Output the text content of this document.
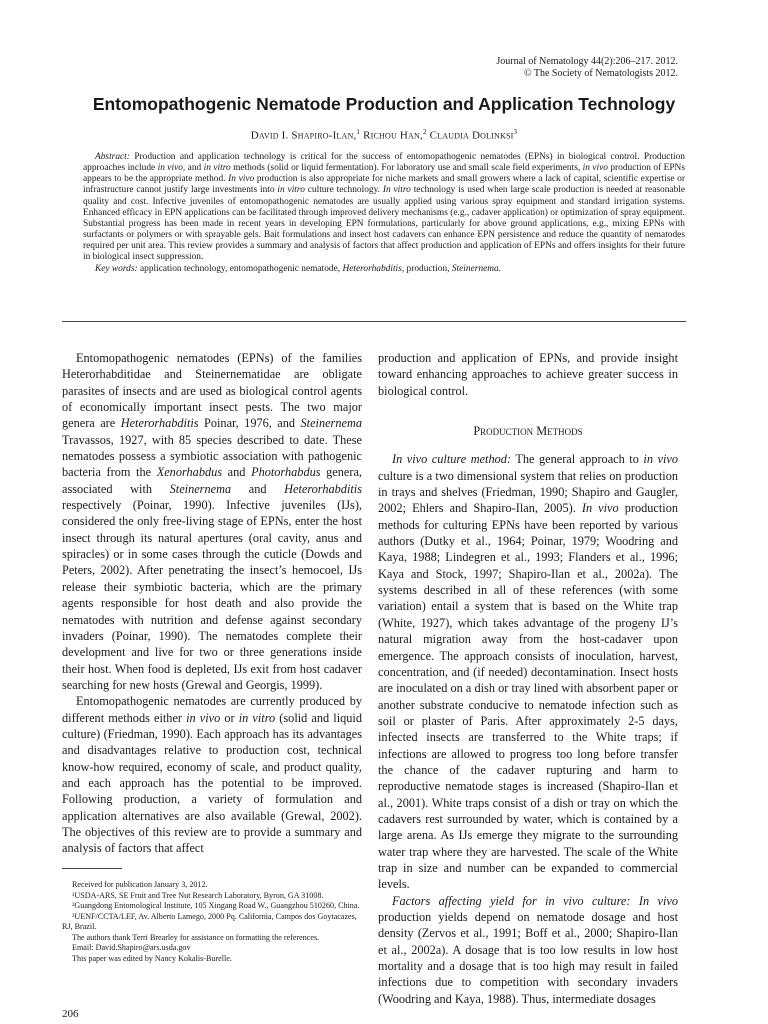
Journal of Nematology 44(2):206–217. 2012.
© The Society of Nematologists 2012.
Entomopathogenic Nematode Production and Application Technology
David I. Shapiro-Ilan,$^1$ Richou Han,$^2$ Claudia Dolinksi$^3$

Abstract: Production and application technology is critical for the success of entomopathogenic nematodes (EPNs) in biological control. Production approaches include in vivo, and in vitro methods (solid or liquid fermentation). For laboratory use and small scale field experiments, in vivo production of EPNs appears to be the appropriate method. In vivo production is also appropriate for niche markets and small growers where a lack of capital, scientific expertise or infrastructure cannot justify large investments into in vitro culture technology. In vitro technology is used when large scale production is needed at reasonable quality and cost. Infective juveniles of entomopathogenic nematodes are usually applied using various spray equipment and standard irrigation systems. Enhanced efficacy in EPN applications can be facilitated through improved delivery mechanisms (e.g., cadaver application) or optimization of spray equipment. Substantial progress has been made in recent years in developing EPN formulations, particularly for above ground applications, e.g., mixing EPNs with surfactants or polymers or with sprayable gels. Bait formulations and insect host cadavers can enhance EPN persistence and reduce the quantity of nematodes required per unit area. This review provides a summary and analysis of factors that affect production and application of EPNs and offers insights for their future in biological insect suppression.

Key words: application technology, entomopathogenic nematode, Heterorhabditis, production, Steinernema.

Entomopathogenic nematodes (EPNs) of the families Heterorhabditidae and Steinernematidae are obligate parasites of insects and are used as biological control agents of economically important insect pests. The two major genera are Heterorhabditis Poinar, 1976, and Steinernema Travassos, 1927, with 85 species described to date. These nematodes possess a symbiotic association with pathogenic bacteria from the Xenorhabdus and Photorhabdus genera, associated with Steinernema and Heterorhabditis respectively (Poinar, 1990). Infective juveniles (IJs), considered the only free-living stage of EPNs, enter the host insect through its natural apertures (oral cavity, anus and spiracles) or in some cases through the cuticle (Dowds and Peters, 2002). After penetrating the insect’s hemocoel, IJs release their symbiotic bacteria, which are the primary agents responsible for host death and also provide the nematodes with nutrition and defense against secondary invaders (Poinar, 1990). The nematodes complete their development and live for two or three generations inside their host. When food is depleted, IJs exit from host cadaver searching for new hosts (Grewal and Georgis, 1999).

Entomopathogenic nematodes are currently produced by different methods either in vivo or in vitro (solid and liquid culture) (Friedman, 1990). Each approach has its advantages and disadvantages relative to production cost, technical know-how required, economy of scale, and product quality, and each approach has the potential to be improved. Following production, a variety of formulation and application alternatives are also available (Grewal, 2002). The objectives of this review are to provide a summary and analysis of factors that affect

production and application of EPNs, and provide insight toward enhancing approaches to achieve greater success in biological control.

Production Methods

In vivo culture method: The general approach to in vivo culture is a two dimensional system that relies on production in trays and shelves (Friedman, 1990; Shapiro and Gaugler, 2002; Ehlers and Shapiro-Ilan, 2005). In vivo production methods for culturing EPNs have been reported by various authors (Dutky et al., 1964; Poinar, 1979; Woodring and Kaya, 1988; Lindegren et al., 1993; Flanders et al., 1996; Kaya and Stock, 1997; Shapiro-Ilan et al., 2002a). The systems described in all of these references (with some variation) entail a system that is based on the White trap (White, 1927), which takes advantage of the progeny IJ’s natural migration away from the host-cadaver upon emergence. The approach consists of inoculation, harvest, concentration, and (if needed) decontamination. Insect hosts are inoculated on a dish or tray lined with absorbent paper or another substrate conducive to nematode infection such as soil or plaster of Paris. After approximately 2-5 days, infected insects are transferred to the White traps; if infections are allowed to progress too long before transfer the chance of the cadaver rupturing and harm to reproductive nematode stages is increased (Shapiro-Ilan et al., 2001). White traps consist of a dish or tray on which the cadavers rest surrounded by water, which is contained by a large arena. As IJs emerge they migrate to the surrounding water trap where they are harvested. The scale of the White trap in size and number can be expanded to commercial levels.

Factors affecting yield for in vivo culture: In vivo production yields depend on nematode dosage and host density (Zervos et al., 1991; Boff et al., 2000; Shapiro-Ilan et al., 2002a). A dosage that is too low results in low host mortality and a dosage that is too high may result in failed infections due to competition with secondary invaders (Woodring and Kaya, 1988). Thus, intermediate dosages

Received for publication January 3, 2012.
¹USDA-ARS, SE Fruit and Tree Nut Research Laboratory, Byron, GA 31008.
²Guangdong Entomological Institute, 105 Xingang Road W., Guangzhou 510260, China.
³UENF/CCTA/LEF, Av. Alberto Lamego, 2000 Pq. California, Campos dos Goytacazes, RJ, Brazil.
The authors thank Terri Brearley for assistance on formatting the references.
Email: David.Shapiro@ars.usda.gov
This paper was edited by Nancy Kokalis-Burelle.
206
